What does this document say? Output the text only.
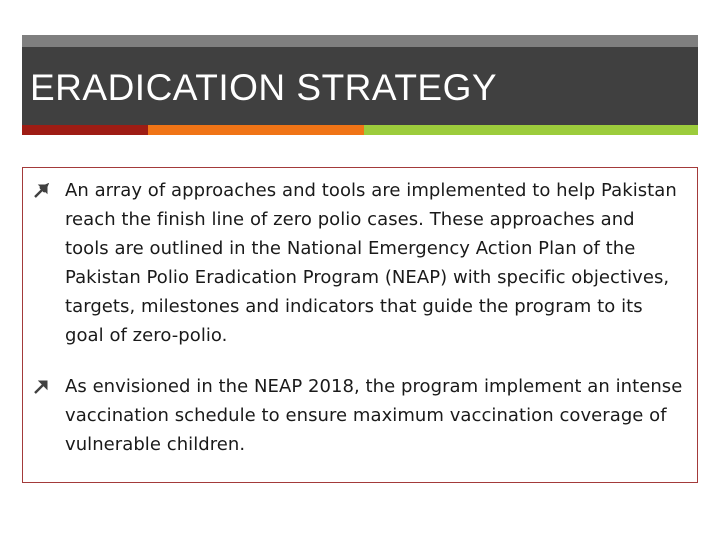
ERADICATION STRATEGY
An array of approaches and tools are implemented to help Pakistan reach the finish line of zero polio cases. These approaches and tools are outlined in the National Emergency Action Plan of the Pakistan Polio Eradication Program (NEAP) with specific objectives, targets, milestones and indicators that guide the program to its goal of zero-polio.
As envisioned in the NEAP 2018, the program implement an intense vaccination schedule to ensure maximum vaccination coverage of vulnerable children.
